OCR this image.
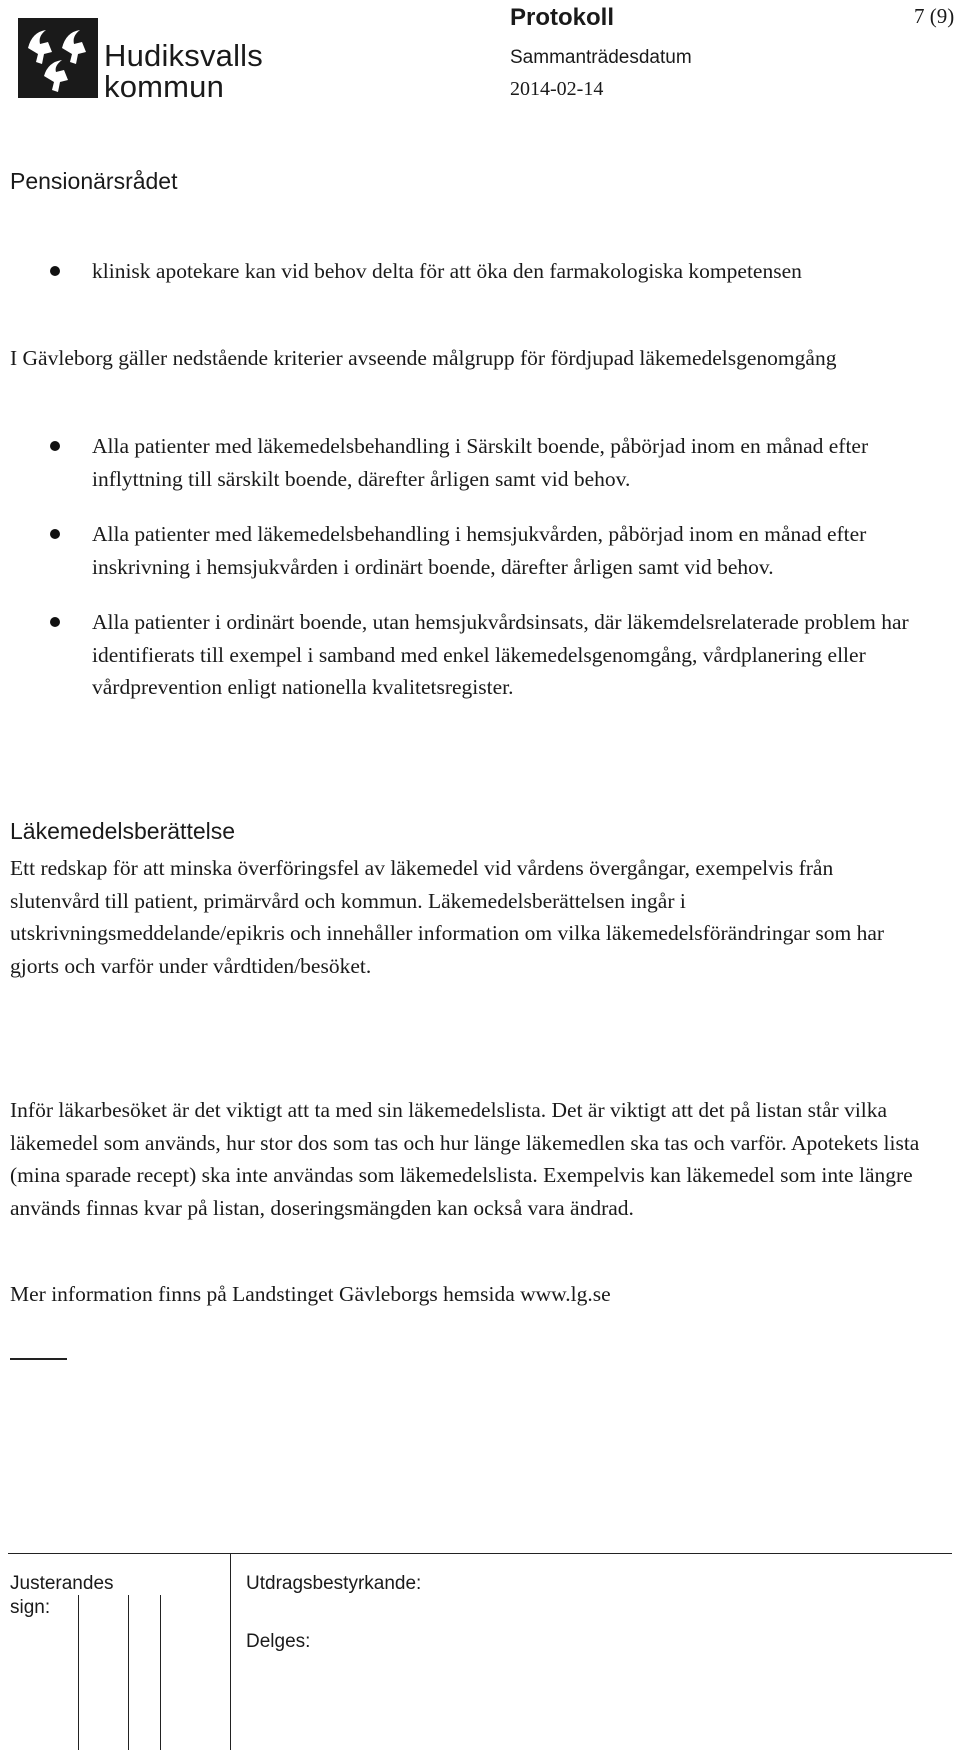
Hudiksvalls
kommun
Protokoll	7 (9)
Sammanträdesdatum
2014-02-14
Pensionärsrådet
klinisk apotekare kan vid behov delta för att öka den farmakologiska kompetensen
I Gävleborg gäller nedstående kriterier avseende målgrupp för fördjupad läkemedelsgenomgång
Alla patienter med läkemedelsbehandling i Särskilt boende, påbörjad inom en månad efter inflyttning till särskilt boende, därefter årligen samt vid behov.
Alla patienter med läkemedelsbehandling i hemsjukvården, påbörjad inom en månad efter inskrivning i hemsjukvården i ordinärt boende, därefter årligen samt vid behov.
Alla patienter i ordinärt boende, utan hemsjukvårdsinsats, där läkemdelsrelaterade problem har identifierats till exempel i samband med enkel läkemedelsgenomgång, vårdplanering eller vårdprevention enligt nationella kvalitetsregister.
Läkemedelsberättelse
Ett redskap för att minska överföringsfel av läkemedel vid vårdens övergångar, exempelvis från slutenvård till patient, primärvård och kommun. Läkemedelsberättelsen ingår i utskrivningsmeddelande/epikris och innehåller information om vilka läkemedelsförändringar som har gjorts och varför under vårdtiden/besöket.
Inför läkarbesöket är det viktigt att ta med sin läkemedelslista. Det är viktigt att det på listan står vilka läkemedel som används, hur stor dos som tas och hur länge läkemedlen ska tas och varför. Apotekets lista (mina sparade recept) ska inte användas som läkemedelslista. Exempelvis kan läkemedel som inte längre används finnas kvar på listan, doseringsmängden kan också vara ändrad.
Mer information finns på Landstinget Gävleborgs hemsida www.lg.se
Justerandes
sign:
Utdragsbestyrkande:
Delges:
